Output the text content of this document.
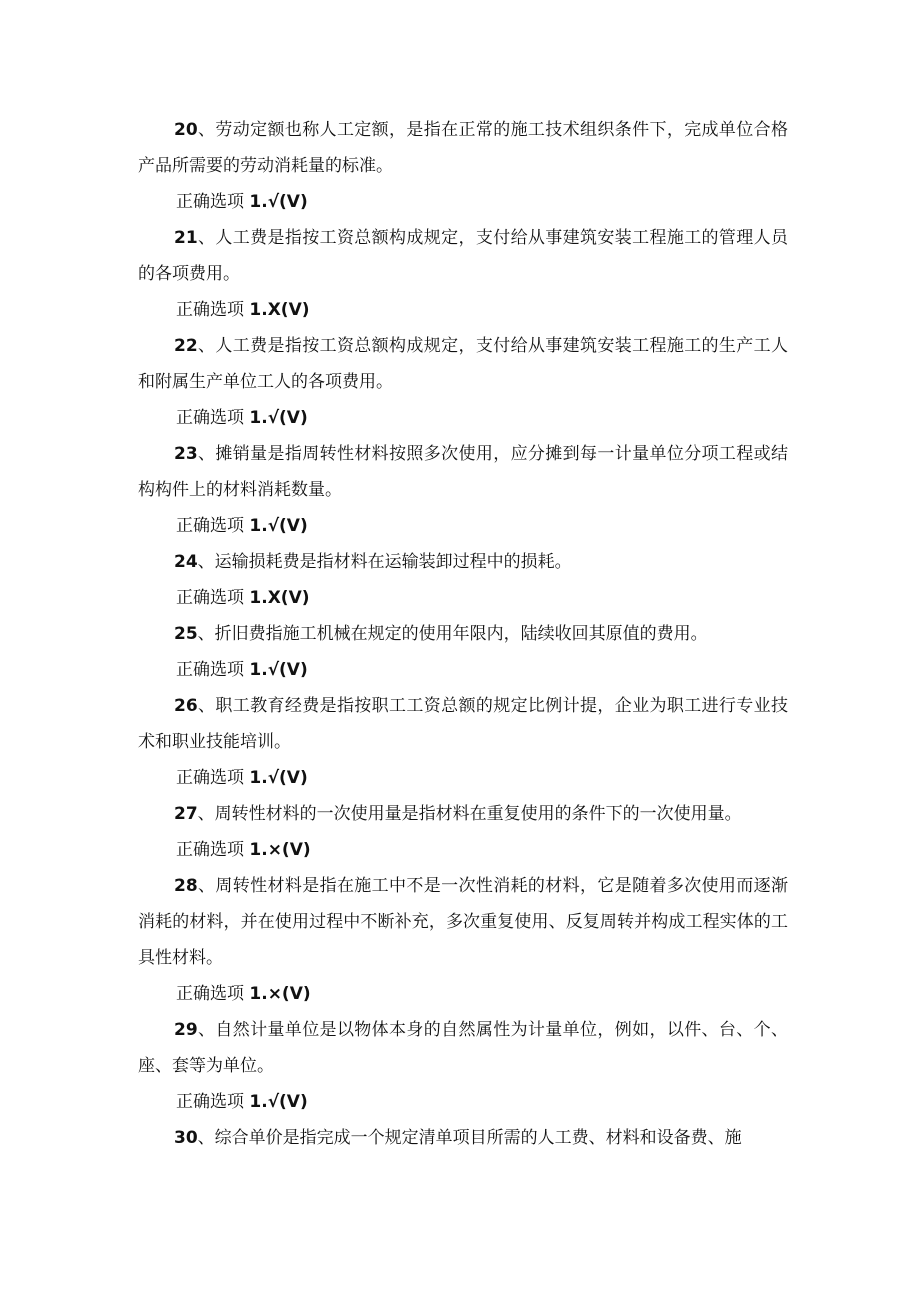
20、劳动定额也称人工定额，是指在正常的施工技术组织条件下，完成单位合格产品所需要的劳动消耗量的标准。

正确选项 1.√(V)

21、人工费是指按工资总额构成规定，支付给从事建筑安装工程施工的管理人员的各项费用。

正确选项 1.X(V)

22、人工费是指按工资总额构成规定，支付给从事建筑安装工程施工的生产工人和附属生产单位工人的各项费用。

正确选项 1.√(V)

23、摊销量是指周转性材料按照多次使用，应分摊到每一计量单位分项工程或结构构件上的材料消耗数量。

正确选项 1.√(V)

24、运输损耗费是指材料在运输装卸过程中的损耗。

正确选项 1.X(V)

25、折旧费指施工机械在规定的使用年限内，陆续收回其原值的费用。

正确选项 1.√(V)

26、职工教育经费是指按职工工资总额的规定比例计提，企业为职工进行专业技术和职业技能培训。

正确选项 1.√(V)

27、周转性材料的一次使用量是指材料在重复使用的条件下的一次使用量。

正确选项 1.×(V)

28、周转性材料是指在施工中不是一次性消耗的材料，它是随着多次使用而逐渐消耗的材料，并在使用过程中不断补充，多次重复使用、反复周转并构成工程实体的工具性材料。

正确选项 1.×(V)

29、自然计量单位是以物体本身的自然属性为计量单位，例如，以件、台、个、座、套等为单位。

正确选项 1.√(V)

30、综合单价是指完成一个规定清单项目所需的人工费、材料和设备费、施
